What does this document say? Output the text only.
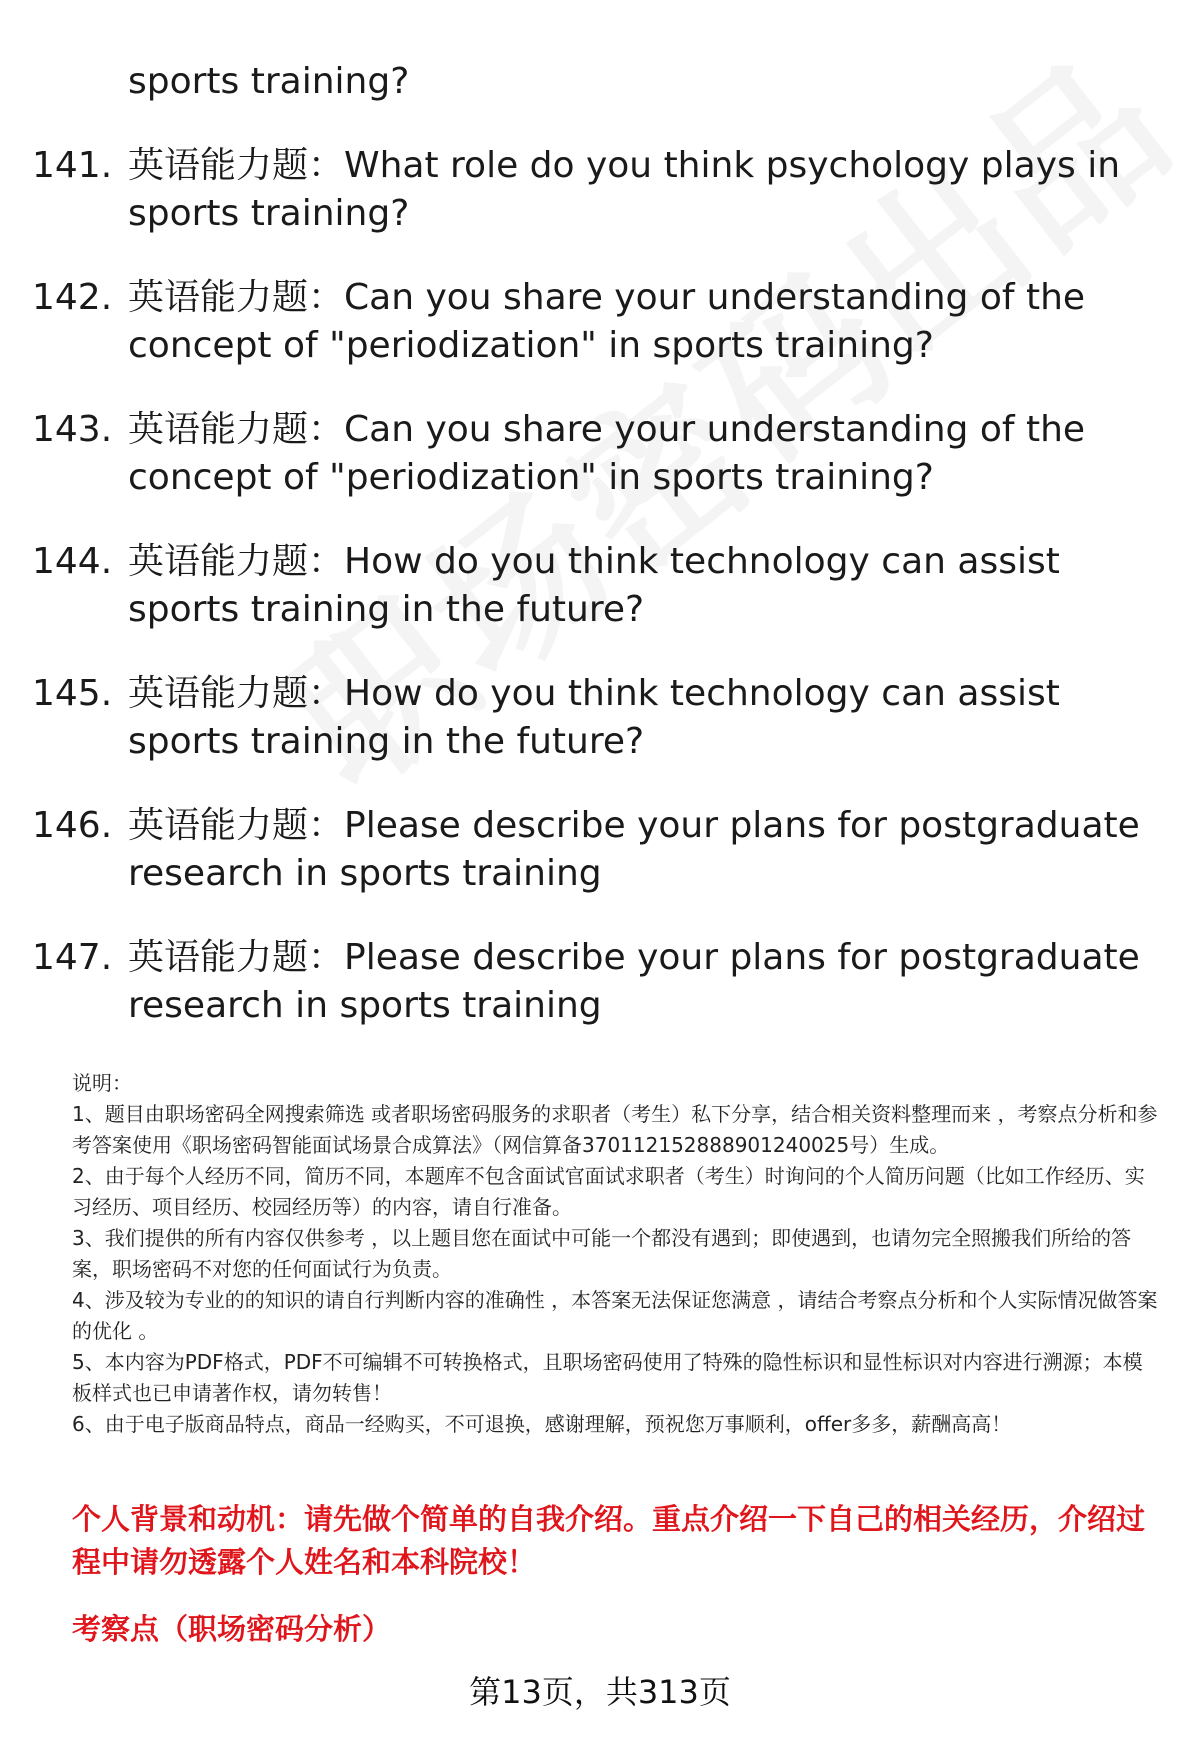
sports training?
141. 英语能力题：What role do you think psychology plays in sports training?
142. 英语能力题：Can you share your understanding of the concept of "periodization" in sports training?
143. 英语能力题：Can you share your understanding of the concept of "periodization" in sports training?
144. 英语能力题：How do you think technology can assist sports training in the future?
145. 英语能力题：How do you think technology can assist sports training in the future?
146. 英语能力题：Please describe your plans for postgraduate research in sports training
147. 英语能力题：Please describe your plans for postgraduate research in sports training

说明：

1、题目由职场密码全网搜索筛选 或者职场密码服务的求职者（考生）私下分享，结合相关资料整理而来 ，考察点分析和参考答案使用《职场密码智能面试场景合成算法》（网信算备370112152888901240025号）生成。

2、由于每个人经历不同，简历不同，本题库不包含面试官面试求职者（考生）时询问的个人简历问题（比如工作经历、实习经历、项目经历、校园经历等）的内容，请自行准备。

3、我们提供的所有内容仅供参考 ，以上题目您在面试中可能一个都没有遇到；即使遇到，也请勿完全照搬我们所给的答案，职场密码不对您的任何面试行为负责。

4、涉及较为专业的的知识的请自行判断内容的准确性 ，本答案无法保证您满意 ，请结合考察点分析和个人实际情况做答案的优化 。

5、本内容为PDF格式，PDF不可编辑不可转换格式，且职场密码使用了特殊的隐性标识和显性标识对内容进行溯源；本模板样式也已申请著作权，请勿转售！

6、由于电子版商品特点，商品一经购买，不可退换，感谢理解，预祝您万事顺利，offer多多，薪酬高高！

个人背景和动机：请先做个简单的自我介绍。重点介绍一下自己的相关经历，介绍过程中请勿透露个人姓名和本科院校！
考察点（职场密码分析）
第13页，共313页
